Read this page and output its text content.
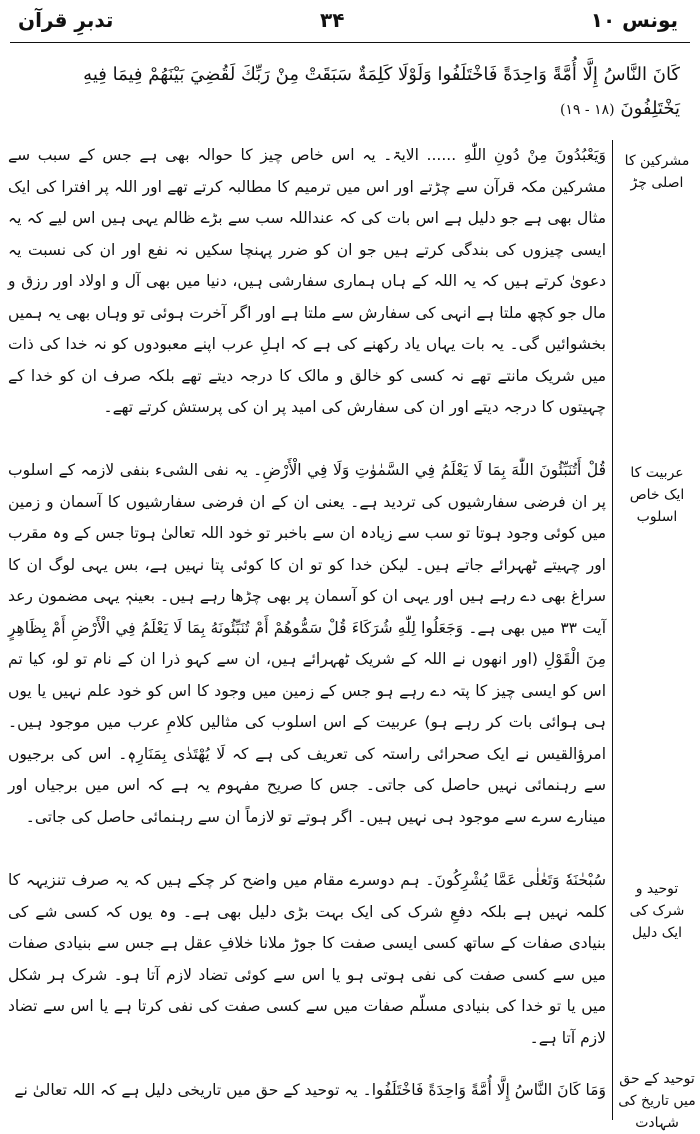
یونس ۱۰
۳۴
تدبرِ قرآن
كَانَ النَّاسُ إِلَّا أُمَّةً وَاحِدَةً فَاخْتَلَفُوا وَلَوْلَا كَلِمَةٌ سَبَقَتْ مِنْ رَبِّكَ لَقُضِيَ بَيْنَهُمْ فِيمَا فِيهِ يَخْتَلِفُونَ (۱۸ - ۱۹)
مشرکین کا اصلی چڑ

وَيَعْبُدُونَ مِنْ دُونِ اللّٰهِ ...... الایۃ۔ یہ اس خاص چیز کا حوالہ بھی ہے جس کے سبب سے مشرکین مکہ قرآن سے چڑتے اور اس میں ترمیم کا مطالبہ کرتے تھے اور اللہ پر افترا کی ایک مثال بھی ہے جو دلیل ہے اس بات کی کہ عنداللہ سب سے بڑے ظالم یہی ہیں اس لیے کہ یہ ایسی چیزوں کی بندگی کرتے ہیں جو ان کو ضرر پہنچا سکیں نہ نفع اور ان کی نسبت یہ دعویٰ کرتے ہیں کہ یہ اللہ کے ہاں ہماری سفارشی ہیں، دنیا میں بھی آل و اولاد اور رزق و مال جو کچھ ملتا ہے انہی کی سفارش سے ملتا ہے اور اگر آخرت ہوئی تو وہاں بھی یہ ہمیں بخشوائیں گی۔ یہ بات یہاں یاد رکھنے کی ہے کہ اہلِ عرب اپنے معبودوں کو نہ خدا کی ذات میں شریک مانتے تھے نہ کسی کو خالق و مالک کا درجہ دیتے تھے بلکہ صرف ان کو خدا کے چہیتوں کا درجہ دیتے اور ان کی سفارش کی امید پر ان کی پرستش کرتے تھے۔

عربیت کا ایک خاص اسلوب

قُلْ أَتُنَبِّئُونَ اللّٰهَ بِمَا لَا يَعْلَمُ فِي السَّمٰوٰتِ وَلَا فِي الْأَرْضِ۔ یہ نفی الشیء بنفی لازمہ کے اسلوب پر ان فرضی سفارشیوں کی تردید ہے۔ یعنی ان کے ان فرضی سفارشیوں کا آسمان و زمین میں کوئی وجود ہوتا تو سب سے زیادہ ان سے باخبر تو خود اللہ تعالیٰ ہوتا جس کے وہ مقرب اور چہیتے ٹھہرائے جاتے ہیں۔ لیکن خدا کو تو ان کا کوئی پتا نہیں ہے، بس یہی لوگ ان کا سراغ بھی دے رہے ہیں اور یہی ان کو آسمان پر بھی چڑھا رہے ہیں۔ بعینہٖ یہی مضمون رعد آیت ۳۳ میں بھی ہے۔ وَجَعَلُوا لِلّٰهِ شُرَكَاءَ قُلْ سَمُّوهُمْ أَمْ تُنَبِّئُونَهُ بِمَا لَا يَعْلَمُ فِي الْأَرْضِ أَمْ بِظَاهِرٍ مِنَ الْقَوْلِ (اور انھوں نے اللہ کے شریک ٹھہرائے ہیں، ان سے کہو ذرا ان کے نام تو لو، کیا تم اس کو ایسی چیز کا پتہ دے رہے ہو جس کے زمین میں وجود کا اس کو خود علم نہیں یا یوں ہی ہوائی بات کر رہے ہو) عربیت کے اس اسلوب کی مثالیں کلامِ عرب میں موجود ہیں۔ امرؤالقیس نے ایک صحرائی راستہ کی تعریف کی ہے کہ لَا يُهْتَدٰى بِمَنَارِهٖ۔ اس کی برجیوں سے رہنمائی نہیں حاصل کی جاتی۔ جس کا صریح مفہوم یہ ہے کہ اس میں برجیاں اور مینارے سرے سے موجود ہی نہیں ہیں۔ اگر ہوتے تو لازماً ان سے رہنمائی حاصل کی جاتی۔

توحید و شرک کی ایک دلیل

سُبْحٰنَهٗ وَتَعٰلٰى عَمَّا يُشْرِكُونَ۔ ہم دوسرے مقام میں واضح کر چکے ہیں کہ یہ صرف تنزیہہ کا کلمہ نہیں ہے بلکہ دفعِ شرک کی ایک بہت بڑی دلیل بھی ہے۔ وہ یوں کہ کسی شے کی بنیادی صفات کے ساتھ کسی ایسی صفت کا جوڑ ملانا خلافِ عقل ہے جس سے بنیادی صفات میں سے کسی صفت کی نفی ہوتی ہو یا اس سے کوئی تضاد لازم آتا ہو۔ شرک ہر شکل میں یا تو خدا کی بنیادی مسلّم صفات میں سے کسی صفت کی نفی کرتا ہے یا اس سے تضاد لازم آتا ہے۔

توحید کے حق میں تاریخ کی شہادت

وَمَا كَانَ النَّاسُ إِلَّا أُمَّةً وَاحِدَةً فَاخْتَلَفُوا۔ یہ توحید کے حق میں تاریخی دلیل ہے کہ اللہ تعالیٰ نے
